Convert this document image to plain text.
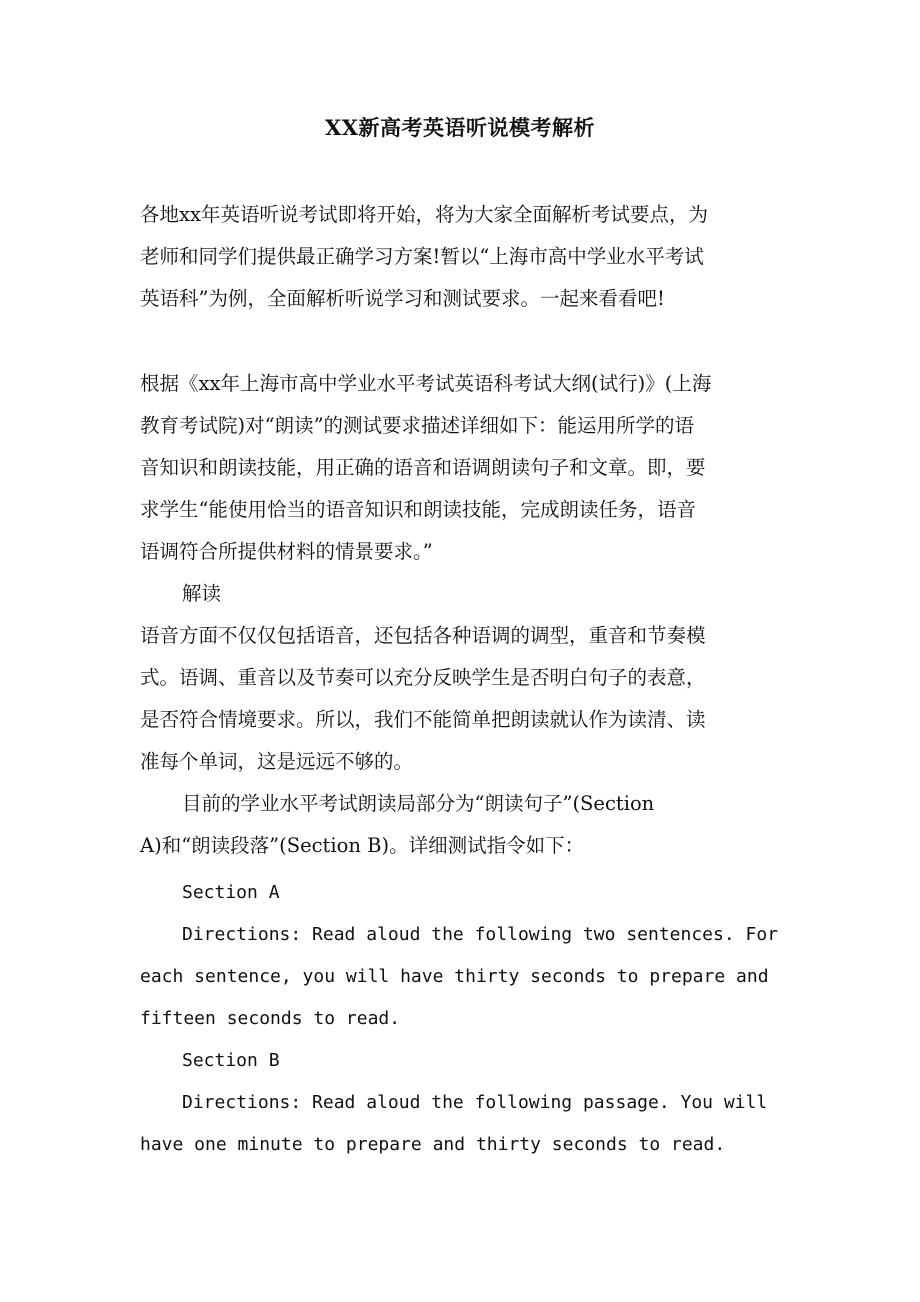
XX新高考英语听说模考解析
各地xx年英语听说考试即将开始，将为大家全面解析考试要点，为
老师和同学们提供最正确学习方案!暂以“上海市高中学业水平考试
英语科”为例，全面解析听说学习和测试要求。一起来看看吧!
根据《xx年上海市高中学业水平考试英语科考试大纲(试行)》(上海
教育考试院)对“朗读”的测试要求描述详细如下：能运用所学的语
音知识和朗读技能，用正确的语音和语调朗读句子和文章。即，要
求学生“能使用恰当的语音知识和朗读技能，完成朗读任务，语音
语调符合所提供材料的情景要求。”
解读
语音方面不仅仅包括语音，还包括各种语调的调型，重音和节奏模
式。语调、重音以及节奏可以充分反映学生是否明白句子的表意，
是否符合情境要求。所以，我们不能简单把朗读就认作为读清、读
准每个单词，这是远远不够的。
目前的学业水平考试朗读局部分为“朗读句子”(Section
A)和“朗读段落”(Section B)。详细测试指令如下：
Section A
Directions: Read aloud the following two sentences. For
each sentence, you will have thirty seconds to prepare and
fifteen seconds to read.
Section B
Directions: Read aloud the following passage. You will
have one minute to prepare and thirty seconds to read.
